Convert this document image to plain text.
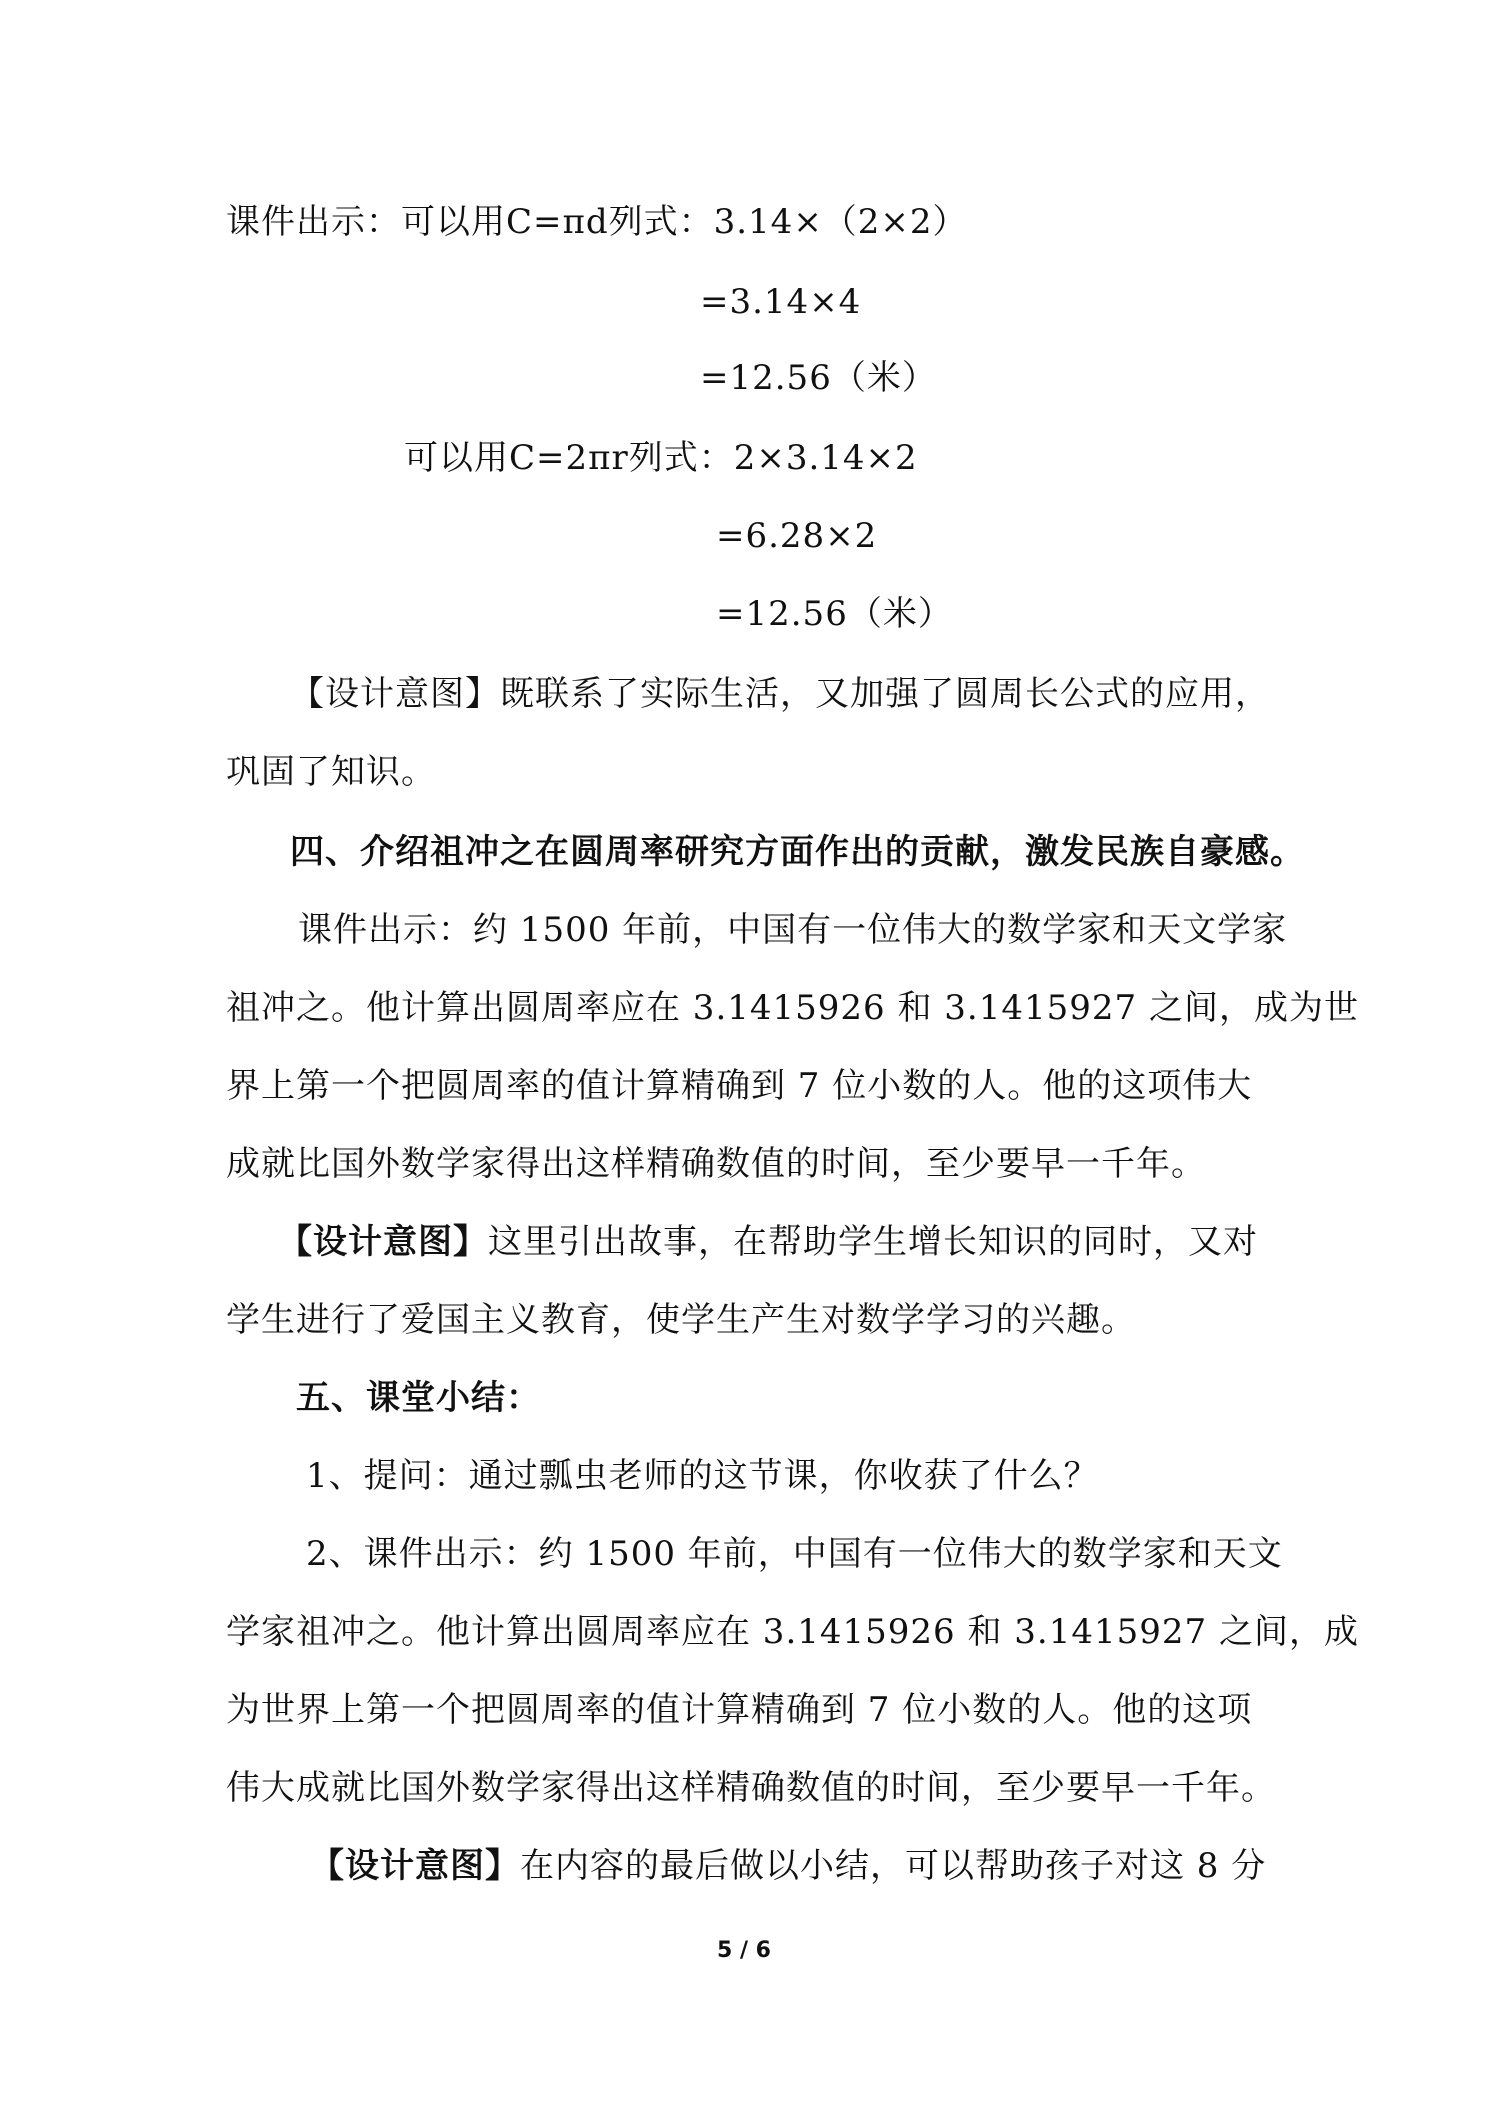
课件出示：可以用C=πd列式：3.14×（2×2）
=3.14×4
=12.56（米）
可以用C=2πr列式：2×3.14×2
=6.28×2
=12.56（米）
【设计意图】既联系了实际生活，又加强了圆周长公式的应用，
巩固了知识。
四、介绍祖冲之在圆周率研究方面作出的贡献，激发民族自豪感。
课件出示：约 1500 年前，中国有一位伟大的数学家和天文学家
祖冲之。他计算出圆周率应在 3.1415926 和 3.1415927 之间，成为世
界上第一个把圆周率的值计算精确到 7 位小数的人。他的这项伟大
成就比国外数学家得出这样精确数值的时间，至少要早一千年。
【设计意图】这里引出故事，在帮助学生增长知识的同时，又对
学生进行了爱国主义教育，使学生产生对数学学习的兴趣。
五、课堂小结：
1、提问：通过瓢虫老师的这节课，你收获了什么？
2、课件出示：约 1500 年前，中国有一位伟大的数学家和天文
学家祖冲之。他计算出圆周率应在 3.1415926 和 3.1415927 之间，成
为世界上第一个把圆周率的值计算精确到 7 位小数的人。他的这项
伟大成就比国外数学家得出这样精确数值的时间，至少要早一千年。
【设计意图】在内容的最后做以小结，可以帮助孩子对这 8 分
5 / 6
